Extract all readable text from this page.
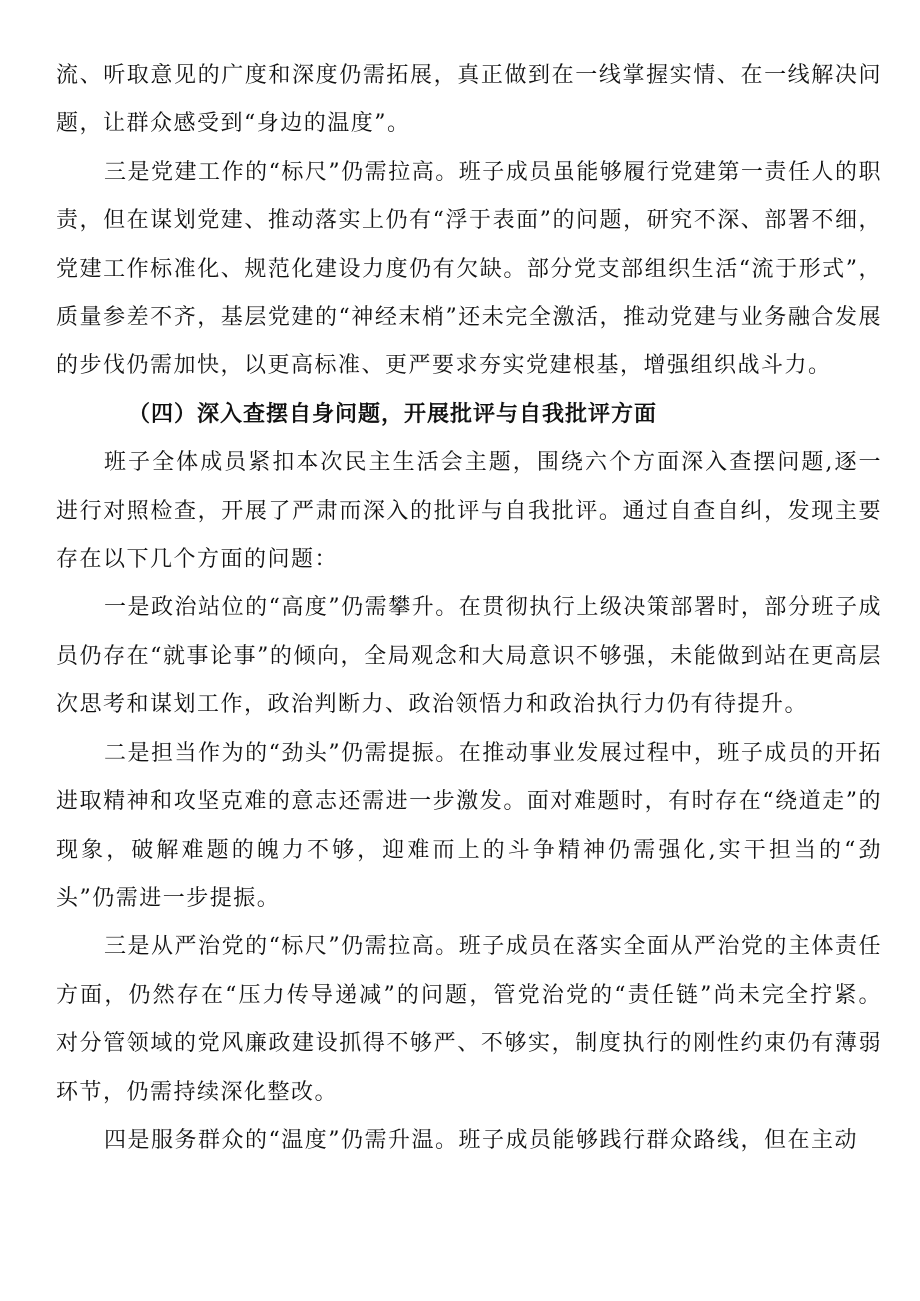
流、听取意见的广度和深度仍需拓展，真正做到在一线掌握实情、在一线解决问题，让群众感受到“身边的温度”。

三是党建工作的“标尺”仍需拉高。班子成员虽能够履行党建第一责任人的职责，但在谋划党建、推动落实上仍有“浮于表面”的问题，研究不深、部署不细，党建工作标准化、规范化建设力度仍有欠缺。部分党支部组织生活“流于形式”，质量参差不齐，基层党建的“神经末梢”还未完全激活，推动党建与业务融合发展的步伐仍需加快，以更高标准、更严要求夯实党建根基，增强组织战斗力。

（四）深入查摆自身问题，开展批评与自我批评方面

班子全体成员紧扣本次民主生活会主题，围绕六个方面深入查摆问题,逐一进行对照检查，开展了严肃而深入的批评与自我批评。通过自查自纠，发现主要存在以下几个方面的问题：

一是政治站位的“高度”仍需攀升。在贯彻执行上级决策部署时，部分班子成员仍存在“就事论事”的倾向，全局观念和大局意识不够强，未能做到站在更高层次思考和谋划工作，政治判断力、政治领悟力和政治执行力仍有待提升。

二是担当作为的“劲头”仍需提振。在推动事业发展过程中，班子成员的开拓进取精神和攻坚克难的意志还需进一步激发。面对难题时，有时存在“绕道走”的现象，破解难题的魄力不够，迎难而上的斗争精神仍需强化,实干担当的“劲头”仍需进一步提振。

三是从严治党的“标尺”仍需拉高。班子成员在落实全面从严治党的主体责任方面，仍然存在“压力传导递减”的问题，管党治党的“责任链”尚未完全拧紧。对分管领域的党风廉政建设抓得不够严、不够实，制度执行的刚性约束仍有薄弱环节，仍需持续深化整改。

四是服务群众的“温度”仍需升温。班子成员能够践行群众路线，但在主动
